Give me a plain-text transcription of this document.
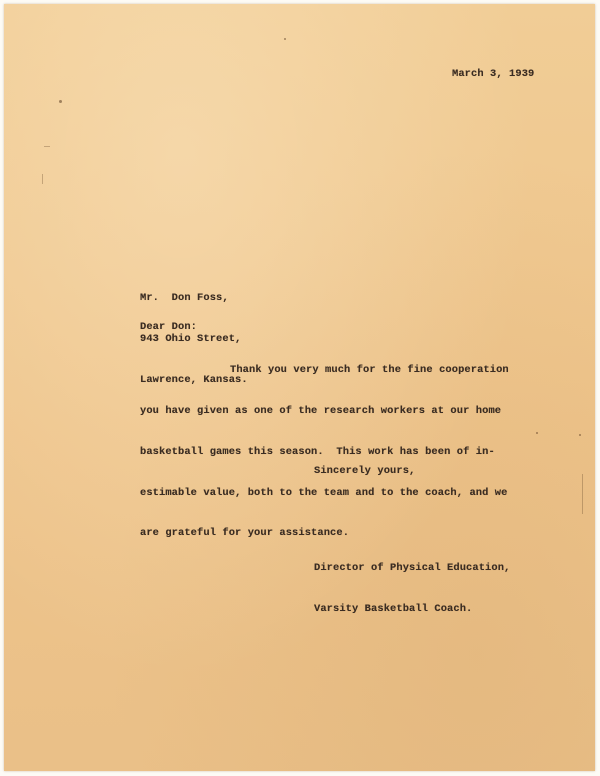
March 3, 1939

Mr.  Don Foss,

943 Ohio Street,

Lawrence, Kansas.

Dear Don:

Thank you very much for the fine cooperation

you have given as one of the research workers at our home

basketball games this season.  This work has been of in-

estimable value, both to the team and to the coach, and we

are grateful for your assistance.

Sincerely yours,

Director of Physical Education,

Varsity Basketball Coach.
